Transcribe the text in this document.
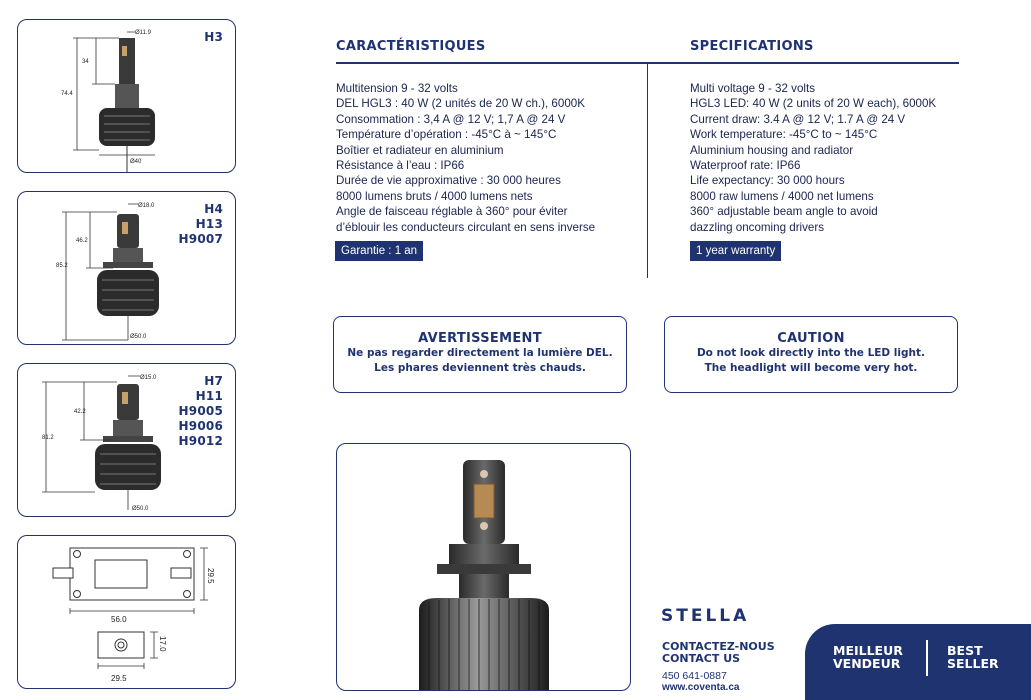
Ø11.9
34
74.4
Ø40
H3
Ø18.0
46.2
85.2
Ø50.0
H4
H13
H9007
Ø15.0
42.2
81.2
Ø50.0
H7
H11
H9005
H9006
H9012
56.0
29.5
29.5
17.0
CARACTÉRISTIQUES	SPECIFICATIONS
Multitension 9 - 32 volts
DEL HGL3 : 40 W (2 unités de 20 W ch.), 6000K
Consommation : 3,4 A @ 12 V; 1,7 A @ 24 V
Température d’opération : -45°C à ~ 145°C
Boîtier et radiateur en aluminium
Résistance à l’eau : IP66
Durée de vie approximative : 30 000 heures
8000 lumens bruts / 4000 lumens nets
Angle de faisceau réglable à 360° pour éviter
d’éblouir les conducteurs circulant en sens inverse
Multi voltage 9 - 32 volts
HGL3 LED: 40 W (2 units of 20 W each), 6000K
Current draw: 3.4 A @ 12 V; 1.7 A @ 24 V
Work temperature: -45°C to ~ 145°C
Aluminium housing and radiator
Waterproof rate: IP66
Life expectancy: 30 000 hours
8000 raw lumens / 4000 net lumens
360° adjustable beam angle to avoid
dazzling oncoming drivers
Garantie : 1 an	1 year warranty
AVERTISSEMENT
Ne pas regarder directement la lumière DEL.
Les phares deviennent très chauds.
CAUTION
Do not look directly into the LED light.
The headlight will become very hot.
STELLA
CONTACTEZ-NOUS
CONTACT US
450 641-0887
www.coventa.ca
MEILLEUR
VENDEUR
BEST
SELLER
